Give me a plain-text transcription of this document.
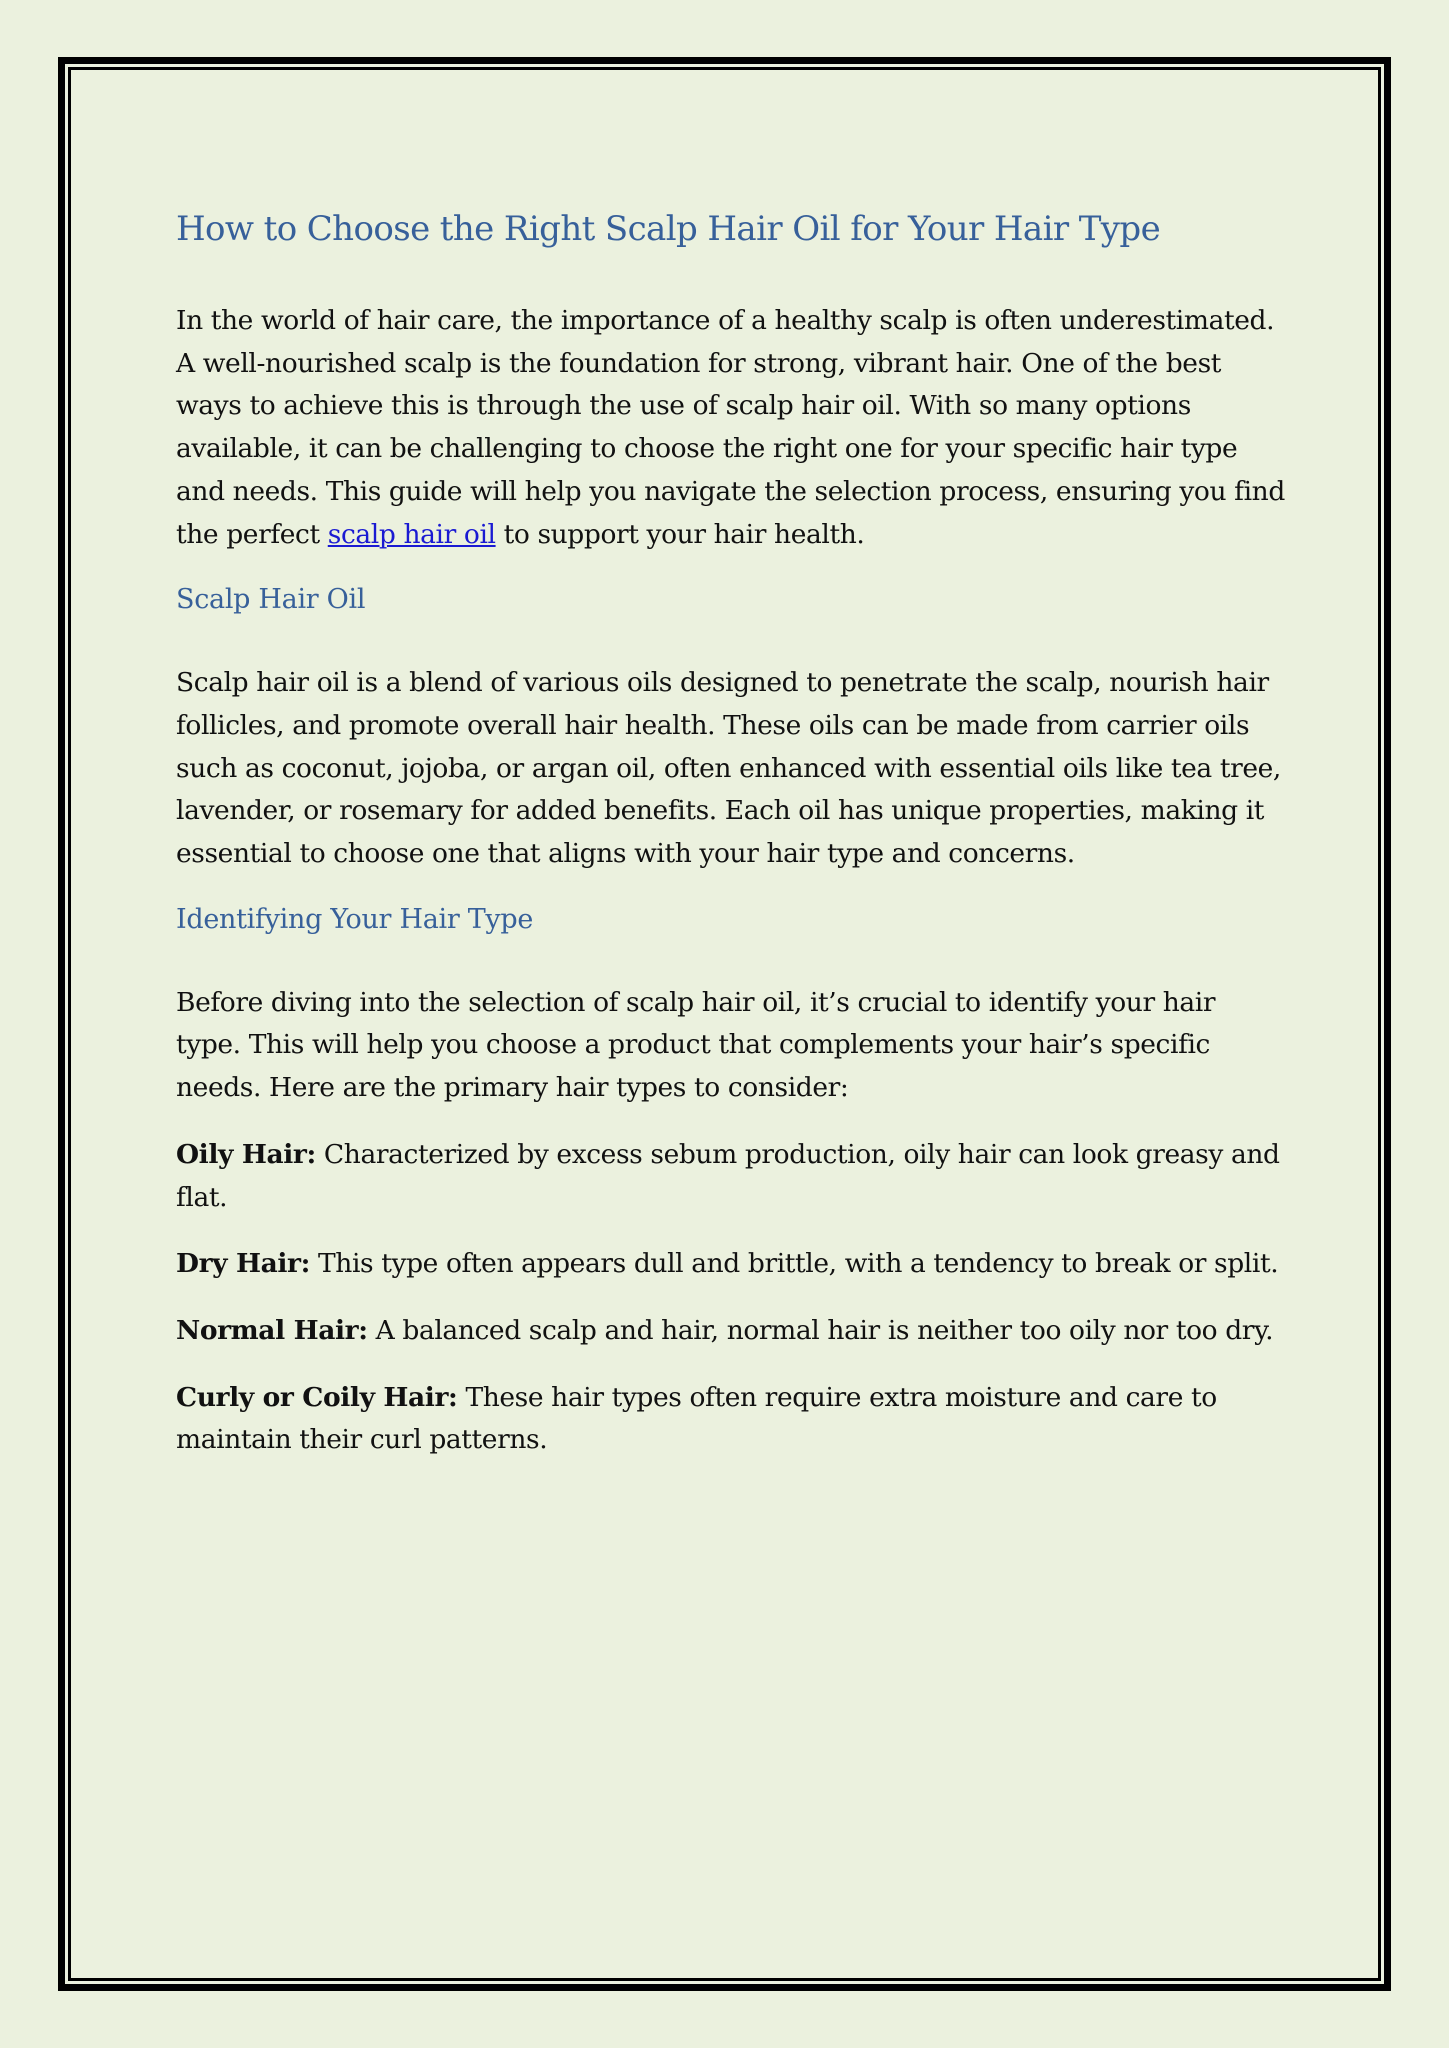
How to Choose the Right Scalp Hair Oil for Your Hair Type

In the world of hair care, the importance of a healthy scalp is often underestimated. A well-nourished scalp is the foundation for strong, vibrant hair. One of the best ways to achieve this is through the use of scalp hair oil. With so many options available, it can be challenging to choose the right one for your specific hair type and needs. This guide will help you navigate the selection process, ensuring you find the perfect scalp hair oil to support your hair health.

Scalp Hair Oil

Scalp hair oil is a blend of various oils designed to penetrate the scalp, nourish hair follicles, and promote overall hair health. These oils can be made from carrier oils such as coconut, jojoba, or argan oil, often enhanced with essential oils like tea tree, lavender, or rosemary for added benefits. Each oil has unique properties, making it essential to choose one that aligns with your hair type and concerns.

Identifying Your Hair Type

Before diving into the selection of scalp hair oil, it’s crucial to identify your hair type. This will help you choose a product that complements your hair’s specific needs. Here are the primary hair types to consider:

Oily Hair: Characterized by excess sebum production, oily hair can look greasy and flat.

Dry Hair: This type often appears dull and brittle, with a tendency to break or split.

Normal Hair: A balanced scalp and hair, normal hair is neither too oily nor too dry.

Curly or Coily Hair: These hair types often require extra moisture and care to maintain their curl patterns.
